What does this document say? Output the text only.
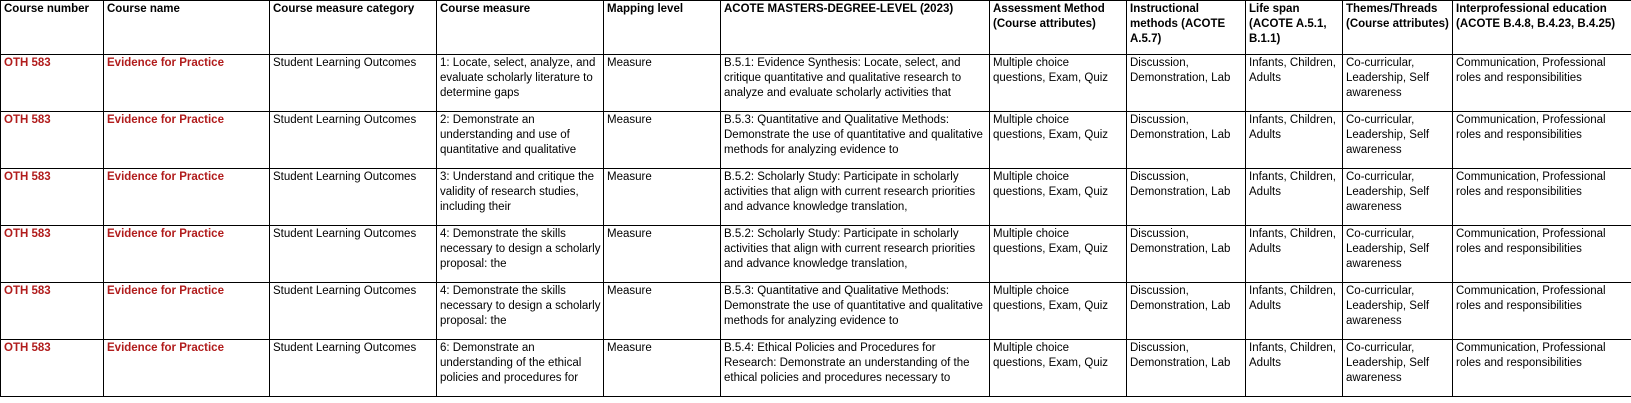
Course number	Course name	Course measure category	Course measure	Mapping level	ACOTE MASTERS-DEGREE-LEVEL (2023)	Assessment Method (Course attributes)	Instructional methods (ACOTE A.5.7)	Life span (ACOTE A.5.1, B.1.1)	Themes/Threads (Course attributes)	Interprofessional education (ACOTE B.4.8, B.4.23, B.4.25)

OTH 583	Evidence for Practice	Student Learning Outcomes	1: Locate, select, analyze, and evaluate scholarly literature to determine gaps	Measure	B.5.1: Evidence Synthesis: Locate, select, and critique quantitative and qualitative research to analyze and evaluate scholarly activities that	Multiple choice questions, Exam, Quiz	Discussion, Demonstration, Lab	Infants, Children, Adults	Co-curricular, Leadership, Self awareness	Communication, Professional roles and responsibilities

OTH 583	Evidence for Practice	Student Learning Outcomes	2: Demonstrate an understanding and use of quantitative and qualitative	Measure	B.5.3: Quantitative and Qualitative Methods: Demonstrate the use of quantitative and qualitative methods for analyzing evidence to	Multiple choice questions, Exam, Quiz	Discussion, Demonstration, Lab	Infants, Children, Adults	Co-curricular, Leadership, Self awareness	Communication, Professional roles and responsibilities

OTH 583	Evidence for Practice	Student Learning Outcomes	3: Understand and critique the validity of research studies, including their	Measure	B.5.2: Scholarly Study: Participate in scholarly activities that align with current research priorities and advance knowledge translation,	Multiple choice questions, Exam, Quiz	Discussion, Demonstration, Lab	Infants, Children, Adults	Co-curricular, Leadership, Self awareness	Communication, Professional roles and responsibilities

OTH 583	Evidence for Practice	Student Learning Outcomes	4: Demonstrate the skills necessary to design a scholarly proposal: the	Measure	B.5.2: Scholarly Study: Participate in scholarly activities that align with current research priorities and advance knowledge translation,	Multiple choice questions, Exam, Quiz	Discussion, Demonstration, Lab	Infants, Children, Adults	Co-curricular, Leadership, Self awareness	Communication, Professional roles and responsibilities

OTH 583	Evidence for Practice	Student Learning Outcomes	4: Demonstrate the skills necessary to design a scholarly proposal: the	Measure	B.5.3: Quantitative and Qualitative Methods: Demonstrate the use of quantitative and qualitative methods for analyzing evidence to	Multiple choice questions, Exam, Quiz	Discussion, Demonstration, Lab	Infants, Children, Adults	Co-curricular, Leadership, Self awareness	Communication, Professional roles and responsibilities

OTH 583	Evidence for Practice	Student Learning Outcomes	6: Demonstrate an understanding of the ethical policies and procedures for	Measure	B.5.4: Ethical Policies and Procedures for Research: Demonstrate an understanding of the ethical policies and procedures necessary to	Multiple choice questions, Exam, Quiz	Discussion, Demonstration, Lab	Infants, Children, Adults	Co-curricular, Leadership, Self awareness	Communication, Professional roles and responsibilities
